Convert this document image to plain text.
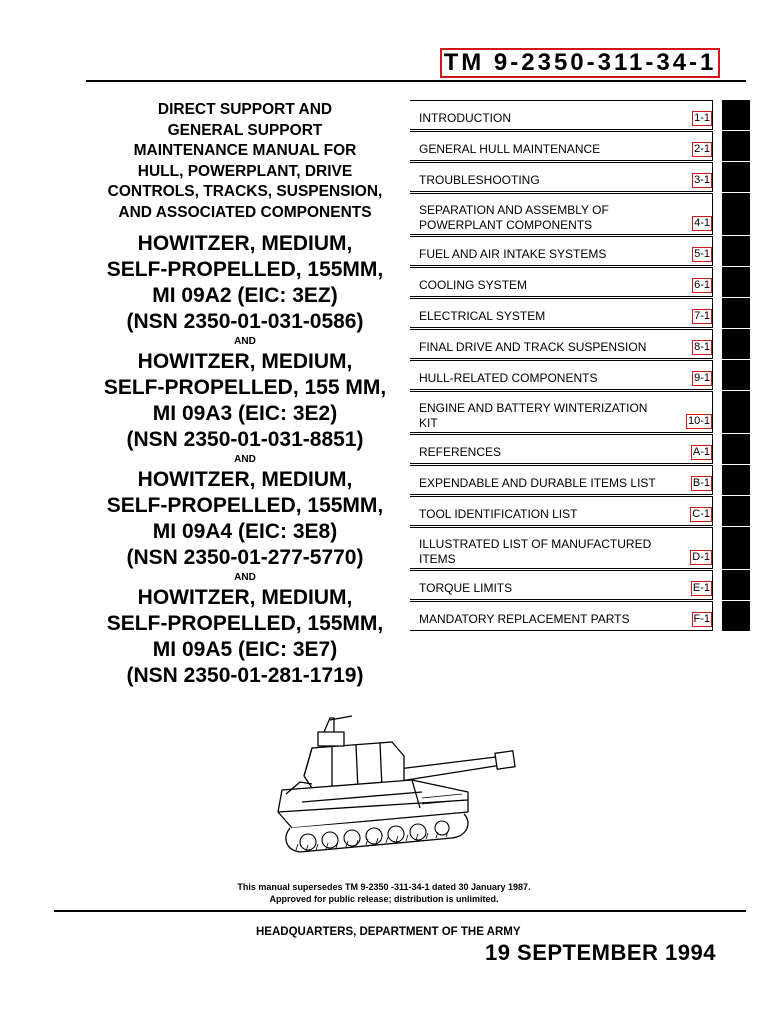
TM 9-2350-311-34-1
DIRECT SUPPORT AND
GENERAL SUPPORT
MAINTENANCE MANUAL FOR
HULL, POWERPLANT, DRIVE
CONTROLS, TRACKS, SUSPENSION,
AND ASSOCIATED COMPONENTS
HOWITZER, MEDIUM,
SELF-PROPELLED, 155MM,
MI 09A2 (EIC: 3EZ)
(NSN 2350-01-031-0586)
AND
HOWITZER, MEDIUM,
SELF-PROPELLED, 155 MM,
MI 09A3 (EIC: 3E2)
(NSN 2350-01-031-8851)
AND
HOWITZER, MEDIUM,
SELF-PROPELLED, 155MM,
MI 09A4 (EIC: 3E8)
(NSN 2350-01-277-5770)
AND
HOWITZER, MEDIUM,
SELF-PROPELLED, 155MM,
MI 09A5 (EIC: 3E7)
(NSN 2350-01-281-1719)
INTRODUCTION	1-1
GENERAL HULL MAINTENANCE	2-1
TROUBLESHOOTING	3-1
SEPARATION AND ASSEMBLY OF
POWERPLANT COMPONENTS	4-1
FUEL AND AIR INTAKE SYSTEMS	5-1
COOLING SYSTEM	6-1
ELECTRICAL SYSTEM	7-1
FINAL DRIVE AND TRACK SUSPENSION	8-1
HULL-RELATED COMPONENTS	9-1
ENGINE AND BATTERY WINTERIZATION
KIT	10-1
REFERENCES	A-1
EXPENDABLE AND DURABLE ITEMS LIST	B-1
TOOL IDENTIFICATION LIST	C-1
ILLUSTRATED LIST OF MANUFACTURED
ITEMS	D-1
TORQUE LIMITS	E-1
MANDATORY REPLACEMENT PARTS	F-1
This manual supersedes TM 9-2350 -311-34-1 dated 30 January 1987.
Approved for public release; distribution is unlimited.
HEADQUARTERS, DEPARTMENT OF THE ARMY
19 SEPTEMBER 1994
